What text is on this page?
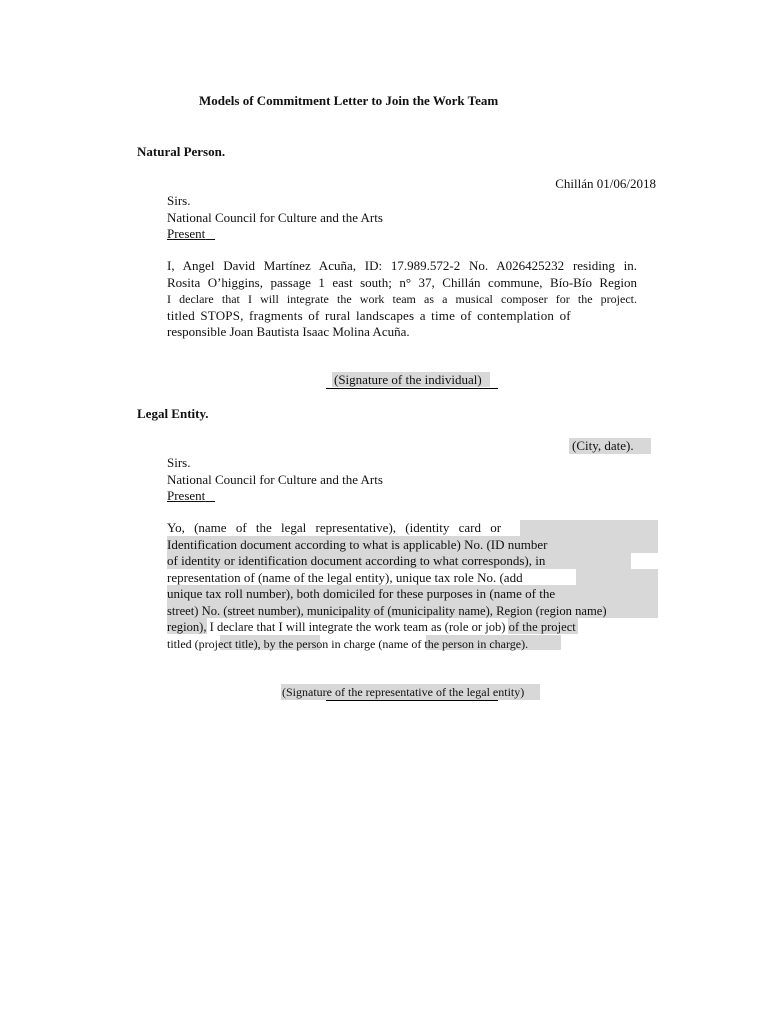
Models of Commitment Letter to Join the Work Team
Natural Person.
Chillán 01/06/2018
Sirs.
National Council for Culture and the Arts
Present
I, Angel David Martínez Acuña, ID: 17.989.572-2 No. A026425232 residing in.
Rosita O’higgins, passage 1 east south; n° 37, Chillán commune, Bío-Bío Region
I declare that I will integrate the work team as a musical composer for the project.
titled STOPS, fragments of rural landscapes a time of contemplation of
responsible Joan Bautista Isaac Molina Acuña.
(Signature of the individual)
Legal Entity.
(City, date).
Sirs.
National Council for Culture and the Arts
Present
Yo, (name of the legal representative), (identity card or
Identification document according to what is applicable) No. (ID number
of identity or identification document according to what corresponds), in
representation of (name of the legal entity), unique tax role No. (add
unique tax roll number), both domiciled for these purposes in (name of the
street) No. (street number), municipality of (municipality name), Region (region name)
region), I declare that I will integrate the work team as (role or job) of the project
titled (project title), by the person in charge (name of the person in charge).
(Signature of the representative of the legal entity)
